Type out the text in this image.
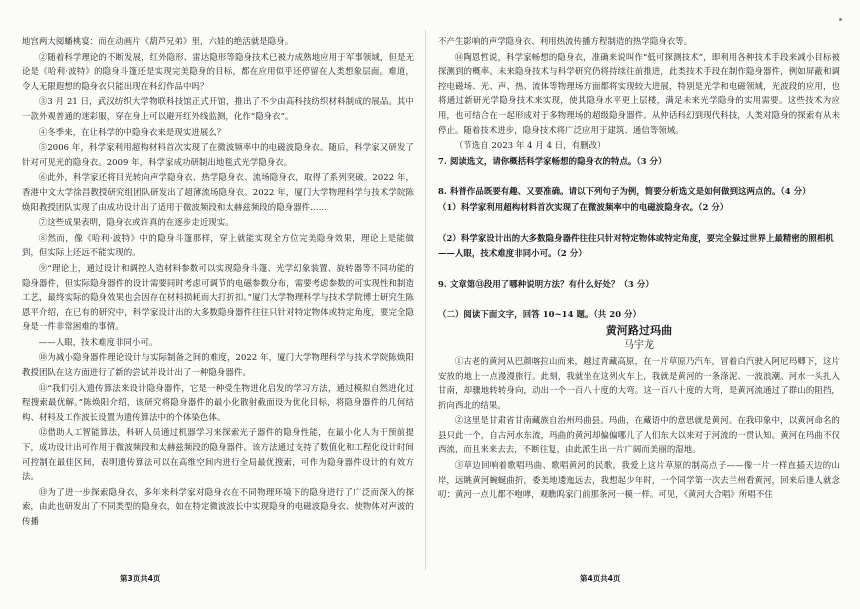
地宫两大阅蟠桃宴：而在动画片《葫芦兄弟》里，六娃的绝活就是隐身。

②随着科学理论的不断发展，红外隐形、雷达隐形等隐身技术已被力成熟地应用于军事领域，但是无论是《哈利·波特》的隐身斗篷还是实现完美隐身的目标，都在应用似乎还停留在人类想象层面。难道，令人无限遐想的隐身衣只能出现在科幻作品中吗？

③3 月 21 日，武汉纺织大学物联科技馆正式开馆，推出了不少由高科技纺织材料制成的展品。其中一款外观普通的迷彩服，穿在身上可以避开红外线监测，化作“隐身衣”。

④冬季来，在让科学的中隐身衣来是现实进展么？

⑤2006 年，科学家利用超构材料首次实现了在微波频率中的电磁波隐身衣。随后，科学家又研发了针对可见光的隐身衣。2009 年，科学家成功研制出地毯式光学隐身衣。

⑥此外，科学家还将目光转向声学隐身衣、热学隐身衣、流场隐身衣，取得了系列突破。2022 年，香港中文大学徐昌教授研究组团队研发出了超薄流场隐身衣。2022 年，厦门大学物理科学与技术学院陈焕阳教授团队实现了由成功设计出了适用于微波频段和太赫兹频段的隐身器件……

⑦这些成果表明，隐身衣或许真的在逐步走近现实。

⑧然而，像《哈利·波特》中的隐身斗篷那样，穿上就能实现全方位完美隐身效果，理论上是能做到，但实际上还远不能实现的。

⑨“理论上，通过设计和调控人造材料参数可以实现隐身斗篷、光学幻象装置、旋转器等不同功能的隐身器件，但实际隐身器件的设计需要同时考虑可调节的电磁参数分布，需要考虑参数的可实现性和制造工艺，最终实际的隐身效果也会因存在材料损耗而大打折扣。”厦门大学物理科学与技术学院博士研究生陈恩平介绍，在已有的研究中，科学家设计出的大多数隐身器件往往只针对特定物体或特定角度，要完全隐身是一件非常困难的事情。

——人眼，技术难度非同小可。

⑩为减小隐身器件理论设计与实际制备之间的难度，2022 年，厦门大学物理科学与技术学院陈焕阳教授团队在这方面进行了新的尝试并设计出了一种隐身器件。

⑪“我们引入遗传算法来设计隐身器件，它是一种受生物进化启发的学习方法，通过模拟自然进化过程搜索最优解。”陈焕阳介绍，该研究将隐身器件的最小化散射截面设为优化目标，将隐身器件的几何结构、材料及工作波长设置为遗传算法中的个体染色体。

⑫借助人工智能算法，科研人员通过机器学习来探索光子器件的隐身性能，在最小化人为干预前提下，成功设计出可作用于微波频段和太赫兹频段的隐身器件。该方法通过支持了数值化和工程化设计时间可控制在最佳区间，表明遗传算法可以在高维空间内进行全局最优搜索，可作为隐身器件设计的有效方法。

⑬为了进一步探索隐身衣，多年来科学家对隐身衣在不同物理环境下的隐身进行了广泛而深入的探索，由此也研发出了不同类型的隐身衣，如在特定微波波长中实现隐身的电磁波隐身衣、使物体对声波的传播

不产生影响的声学隐身衣、利用热流传播方程制造的热学隐身衣等。

⑭陶恩哲说，科学家畅想的隐身衣，准确来说叫作“低可探测技术”，即利用各种技术手段来减小目标被探测到的概率。未来隐身技术与科学研究仍将持续往前推进，此类技术手段在制作隐身器件，例如屏蔽和调控电磁场、光、声、热、流体等物理场方面都将实现较大进展，特别是光学和电磁领域，光波段的应用，也将通过新研光学隐身技术来实现，使其隐身水平更上层楼，满足未来光学隐身的实用需要。这些技术为应用，也可结合在一起形成对于多物理场的超级隐身器件。从仲话科幻到现代科技，人类对隐身的探索有从未停止。随着技术进步，隐身技术将广泛应用于建筑、通信等领域。

（节选自 2023 年 4 月 4 日，有删改）

7. 阅读选文，请你概括科学家畅想的隐身衣的特点。（3 分）

8. 科普作品既要有趣、又要准确。请以下列句子为例，简要分析选文是如何做到这两点的。（4 分）

（1）科学家利用超构材料首次实现了在微波频率中的电磁波隐身衣。（2 分）

（2）科学家设计出的大多数隐身器件往往只针对特定物体或特定角度，要完全躲过世界上最精密的照相机

——人眼，技术难度非同小可。（2 分）

9. 文章第⑬段用了哪种说明方法？有什么好处？（3 分）

（二）阅读下面文字，回答 10~14 题。（共 20 分）

黄河路过玛曲

马宇龙

①古老的黄河从巴颜喀拉山而来，越过青藏高原，在一片草原乃汽车，冒着白汽驶入阿尼玛卿下，这片安放的地上一点漫漫旅行。此刻，我就坐在这列火车上，我就是黄河的一条涤泥、一波浪潮。河水一头扎入甘南，却骤地转转身向，动出一个一百八十度的大弯。这一百八十度的大弯，是黄河流通过了群山的阻挡，折向西北的结果。

②这里是甘肃省甘南藏族自治州玛曲县。玛曲，在藏语中的意思就是黄河。在我印象中，以黄河命名的县只此一个，自古河水东流，玛曲的黄河却偏偏哪儿了人们东大以来对于河流的一贯认知。黄河在玛曲不仅西流，而且来来去去，不断往复，由此派生出一片广阔而美丽的湿地。

③草边回响着歌唱玛曲、歌唱黄河的民歌，我爱上这片草原的制高点子——像一片一样直插天边的山岸，远眺黄河蜿蜒曲折，委美地逶迤远去，我想起少年时，一个同学第一次去兰州看黄河，回来后逢人就念叨：黄河一点儿都不咆哮，观瞧呜家门前那条河一模一样。可见，《黄河大合唱》所唱不住

第3页共4页	第4页共4页
